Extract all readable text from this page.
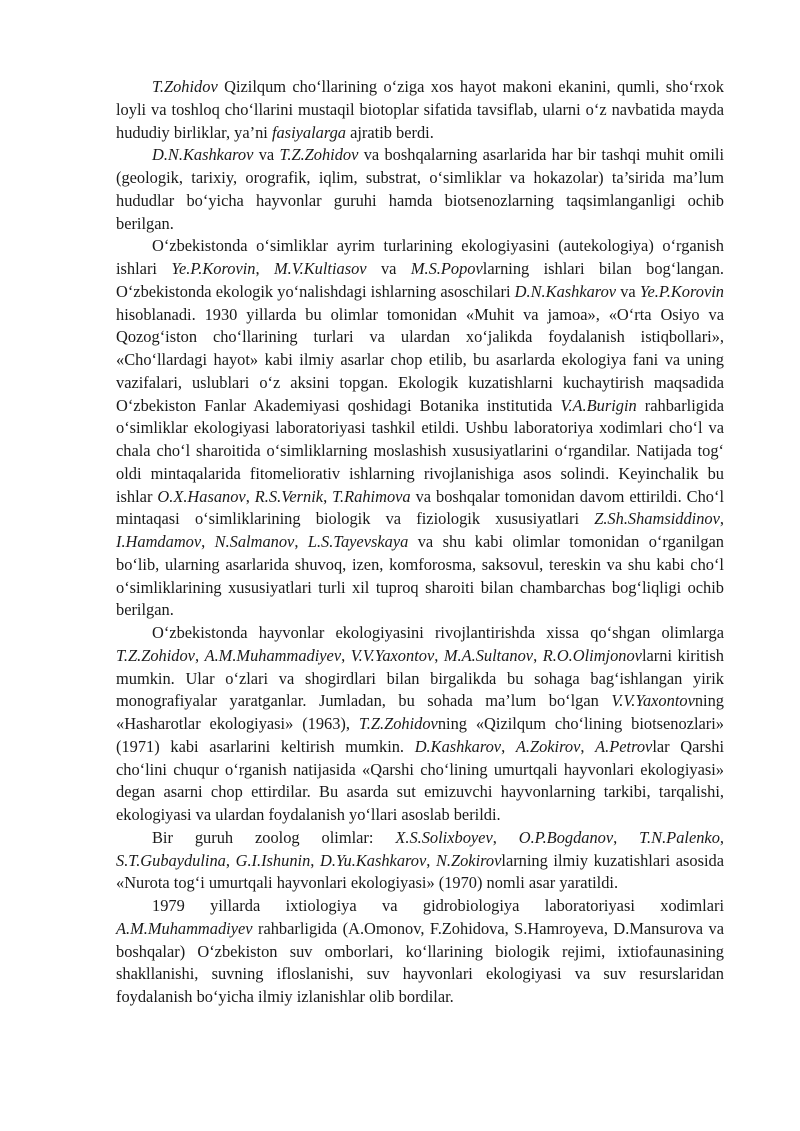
T.Zohidov Qizilqum cho‘llarining o‘ziga xos hayot makoni ekanini, qumli, sho‘rxok loyli va toshloq cho‘llarini mustaqil biotoplar sifatida tavsiflab, ularni o‘z navbatida mayda hududiy birliklar, ya’ni fasiyalarga ajratib berdi.

D.N.Kashkarov va T.Z.Zohidov va boshqalarning asarlarida har bir tashqi muhit omili (geologik, tarixiy, orografik, iqlim, substrat, o‘simliklar va hokazolar) ta’sirida ma’lum hududlar bo‘yicha hayvonlar guruhi hamda biotsenozlarning taqsimlanganligi ochib berilgan.

O‘zbekistonda o‘simliklar ayrim turlarining ekologiyasini (autekologiya) o‘rganish ishlari Ye.P.Korovin, M.V.Kultiasov va M.S.Popovlarning ishlari bilan bog‘langan. O‘zbekistonda ekologik yo‘nalishdagi ishlarning asoschilari D.N.Kashkarov va Ye.P.Korovin hisoblanadi. 1930 yillarda bu olimlar tomonidan «Muhit va jamoa», «O‘rta Osiyo va Qozog‘iston cho‘llarining turlari va ulardan xo‘jalikda foydalanish istiqbollari», «Cho‘llardagi hayot» kabi ilmiy asarlar chop etilib, bu asarlarda ekologiya fani va uning vazifalari, uslublari o‘z aksini topgan. Ekologik kuzatishlarni kuchaytirish maqsadida O‘zbekiston Fanlar Akademiyasi qoshidagi Botanika institutida V.A.Burigin rahbarligida o‘simliklar ekologiyasi laboratoriyasi tashkil etildi. Ushbu laboratoriya xodimlari cho‘l va chala cho‘l sharoitida o‘simliklarning moslashish xususiyatlarini o‘rgandilar. Natijada tog‘ oldi mintaqalarida fitomeliorativ ishlarning rivojlanishiga asos solindi. Keyinchalik bu ishlar O.X.Hasanov, R.S.Vernik, T.Rahimova va boshqalar tomonidan davom ettirildi. Cho‘l mintaqasi o‘simliklarining biologik va fiziologik xususiyatlari Z.Sh.Shamsiddinov, I.Hamdamov, N.Salmanov, L.S.Tayevskaya va shu kabi olimlar tomonidan o‘rganilgan bo‘lib, ularning asarlarida shuvoq, izen, komforosma, saksovul, tereskin va shu kabi cho‘l o‘simliklarining xususiyatlari turli xil tuproq sharoiti bilan chambarchas bog‘liqligi ochib berilgan.

O‘zbekistonda hayvonlar ekologiyasini rivojlantirishda xissa qo‘shgan olimlarga T.Z.Zohidov, A.M.Muhammadiyev, V.V.Yaxontov, M.A.Sultanov, R.O.Olimjonovlarni kiritish mumkin. Ular o‘zlari va shogirdlari bilan birgalikda bu sohaga bag‘ishlangan yirik monografiyalar yaratganlar. Jumladan, bu sohada ma’lum bo‘lgan V.V.Yaxontovning «Hasharotlar ekologiyasi» (1963), T.Z.Zohidovning «Qizilqum cho‘lining biotsenozlari» (1971) kabi asarlarini keltirish mumkin. D.Kashkarov, A.Zokirov, A.Petrovlar Qarshi cho‘lini chuqur o‘rganish natijasida «Qarshi cho‘lining umurtqali hayvonlari ekologiyasi» degan asarni chop ettirdilar. Bu asarda sut emizuvchi hayvonlarning tarkibi, tarqalishi, ekologiyasi va ulardan foydalanish yo‘llari asoslab berildi.

Bir guruh zoolog olimlar: X.S.Solixboyev, O.P.Bogdanov, T.N.Palenko, S.T.Gubaydulina, G.I.Ishunin, D.Yu.Kashkarov, N.Zokirovlarning ilmiy kuzatishlari asosida «Nurota tog‘i umurtqali hayvonlari ekologiyasi» (1970) nomli asar yaratildi.

1979 yillarda ixtiologiya va gidrobiologiya laboratoriyasi xodimlari A.M.Muhammadiyev rahbarligida (A.Omonov, F.Zohidova, S.Hamroyeva, D.Mansurova va boshqalar) O‘zbekiston suv omborlari, ko‘llarining biologik rejimi, ixtiofaunasining shakllanishi, suvning ifloslanishi, suv hayvonlari ekologiyasi va suv resurslaridan foydalanish bo‘yicha ilmiy izlanishlar olib bordilar.
